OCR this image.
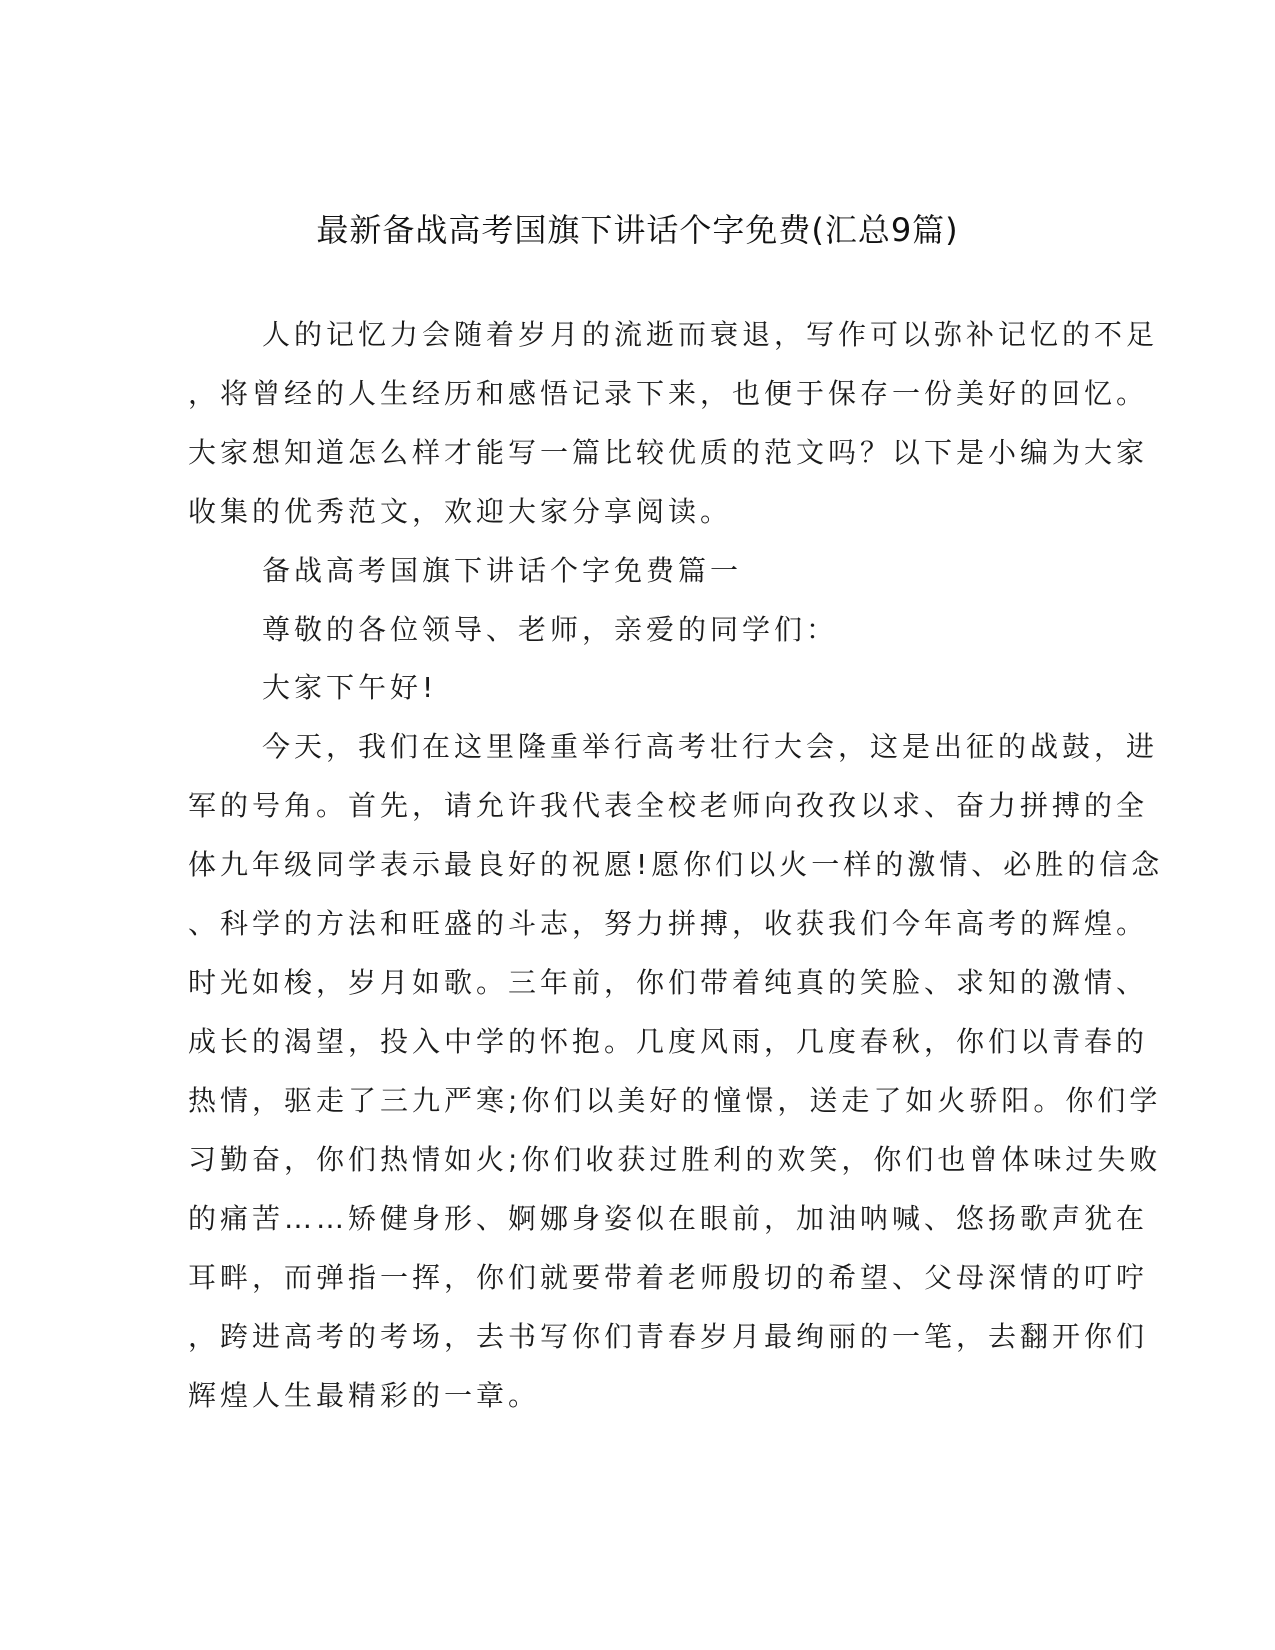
最新备战高考国旗下讲话个字免费(汇总9篇)
人的记忆力会随着岁月的流逝而衰退，写作可以弥补记忆的不足
，将曾经的人生经历和感悟记录下来，也便于保存一份美好的回忆。
大家想知道怎么样才能写一篇比较优质的范文吗？以下是小编为大家
收集的优秀范文，欢迎大家分享阅读。
备战高考国旗下讲话个字免费篇一
尊敬的各位领导、老师，亲爱的同学们：
大家下午好!
今天，我们在这里隆重举行高考壮行大会，这是出征的战鼓，进
军的号角。首先，请允许我代表全校老师向孜孜以求、奋力拼搏的全
体九年级同学表示最良好的祝愿!愿你们以火一样的激情、必胜的信念
、科学的方法和旺盛的斗志，努力拼搏，收获我们今年高考的辉煌。
时光如梭，岁月如歌。三年前，你们带着纯真的笑脸、求知的激情、
成长的渴望，投入中学的怀抱。几度风雨，几度春秋，你们以青春的
热情，驱走了三九严寒;你们以美好的憧憬，送走了如火骄阳。你们学
习勤奋，你们热情如火;你们收获过胜利的欢笑，你们也曾体味过失败
的痛苦……矫健身形、婀娜身姿似在眼前，加油呐喊、悠扬歌声犹在
耳畔，而弹指一挥，你们就要带着老师殷切的希望、父母深情的叮咛
，跨进高考的考场，去书写你们青春岁月最绚丽的一笔，去翻开你们
辉煌人生最精彩的一章。
